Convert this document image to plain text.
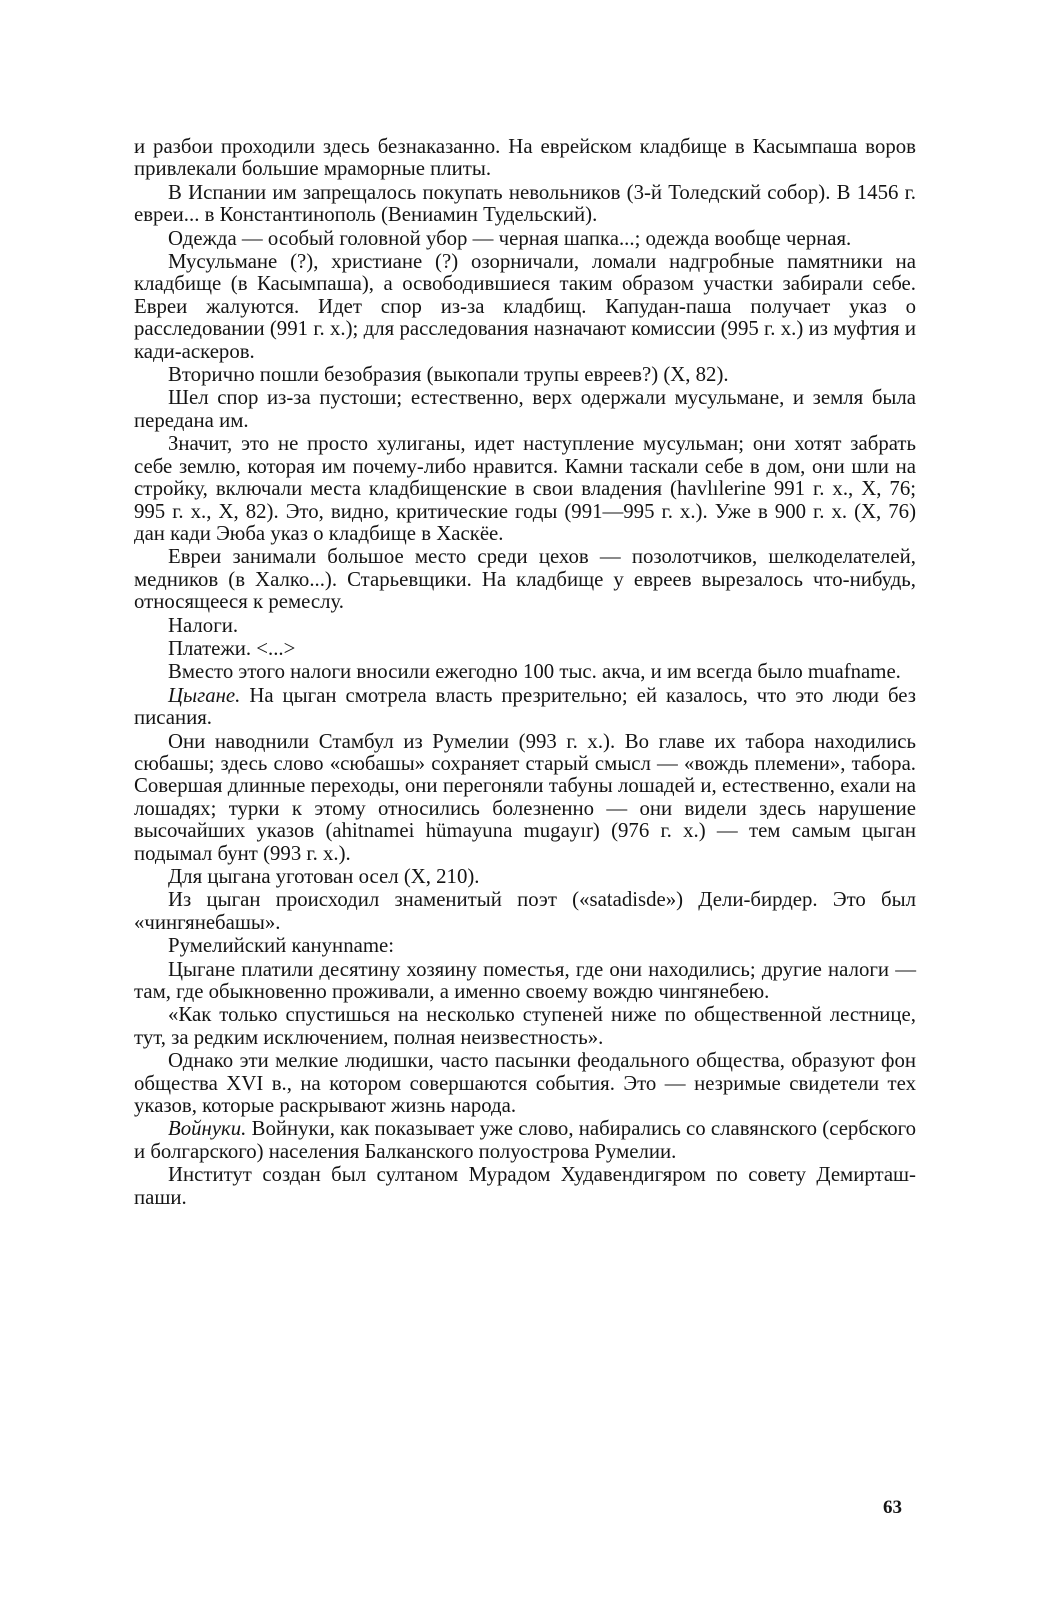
и разбои проходили здесь безнаказанно. На еврейском кладбище в Касымпаша воров привлекали большие мраморные плиты.

В Испании им запрещалось покупать невольников (3-й Толедский собор). В 1456 г. евреи... в Константинополь (Вениамин Тудельский).

Одежда — особый головной убор — черная шапка...; одежда вообще черная.

Мусульмане (?), христиане (?) озорничали, ломали надгробные памятники на кладбище (в Касымпаша), а освободившиеся таким образом участки забирали себе. Евреи жалуются. Идет спор из-за кладбищ. Капудан-паша получает указ о расследовании (991 г. х.); для расследования назначают комиссии (995 г. х.) из муфтия и кади-аскеров.

Вторично пошли безобразия (выкопали трупы евреев?) (X, 82).

Шел спор из-за пустоши; естественно, верх одержали мусульмане, и земля была передана им.

Значит, это не просто хулиганы, идет наступление мусульман; они хотят забрать себе землю, которая им почему-либо нравится. Камни таскали себе в дом, они шли на стройку, включали места кладбищенские в свои владения (havlılerine 991 г. х., X, 76; 995 г. х., X, 82). Это, видно, критические годы (991—995 г. х.). Уже в 900 г. х. (X, 76) дан кади Эюба указ о кладбище в Хаскёе.

Евреи занимали большое место среди цехов — позолотчиков, шелкоделателей, медников (в Халко...). Старьевщики. На кладбище у евреев вырезалось что-нибудь, относящееся к ремеслу.

Налоги.

Платежи. <...>

Вместо этого налоги вносили ежегодно 100 тыс. акча, и им всегда было muafname.

Цыгане. На цыган смотрела власть презрительно; ей казалось, что это люди без писания.

Они наводнили Стамбул из Румелии (993 г. х.). Во главе их табора находились сюбашы; здесь слово «сюбашы» сохраняет старый смысл — «вождь племени», табора. Совершая длинные переходы, они перегоняли табуны лошадей и, естественно, ехали на лошадях; турки к этому относились болезненно — они видели здесь нарушение высочайших указов (ahitnamei hümayuna mugayır) (976 г. х.) — тем самым цыган подымал бунт (993 г. х.).

Для цыгана уготован осел (X, 210).

Из цыган происходил знаменитый поэт («satadisde») Дели-бирдер. Это был «чингянебашы».

Румелийский канунname:

Цыгане платили десятину хозяину поместья, где они находились; другие налоги — там, где обыкновенно проживали, а именно своему вождю чингянебею.

«Как только спустишься на несколько ступеней ниже по общественной лестнице, тут, за редким исключением, полная неизвестность».

Однако эти мелкие людишки, часто пасынки феодального общества, образуют фон общества XVI в., на котором совершаются события. Это — незримые свидетели тех указов, которые раскрывают жизнь народа.

Войнуки. Войнуки, как показывает уже слово, набирались со славянского (сербского и болгарского) населения Балканского полуострова Румелии.

Институт создан был султаном Мурадом Худавендигяром по совету Демирташ-паши.

63
